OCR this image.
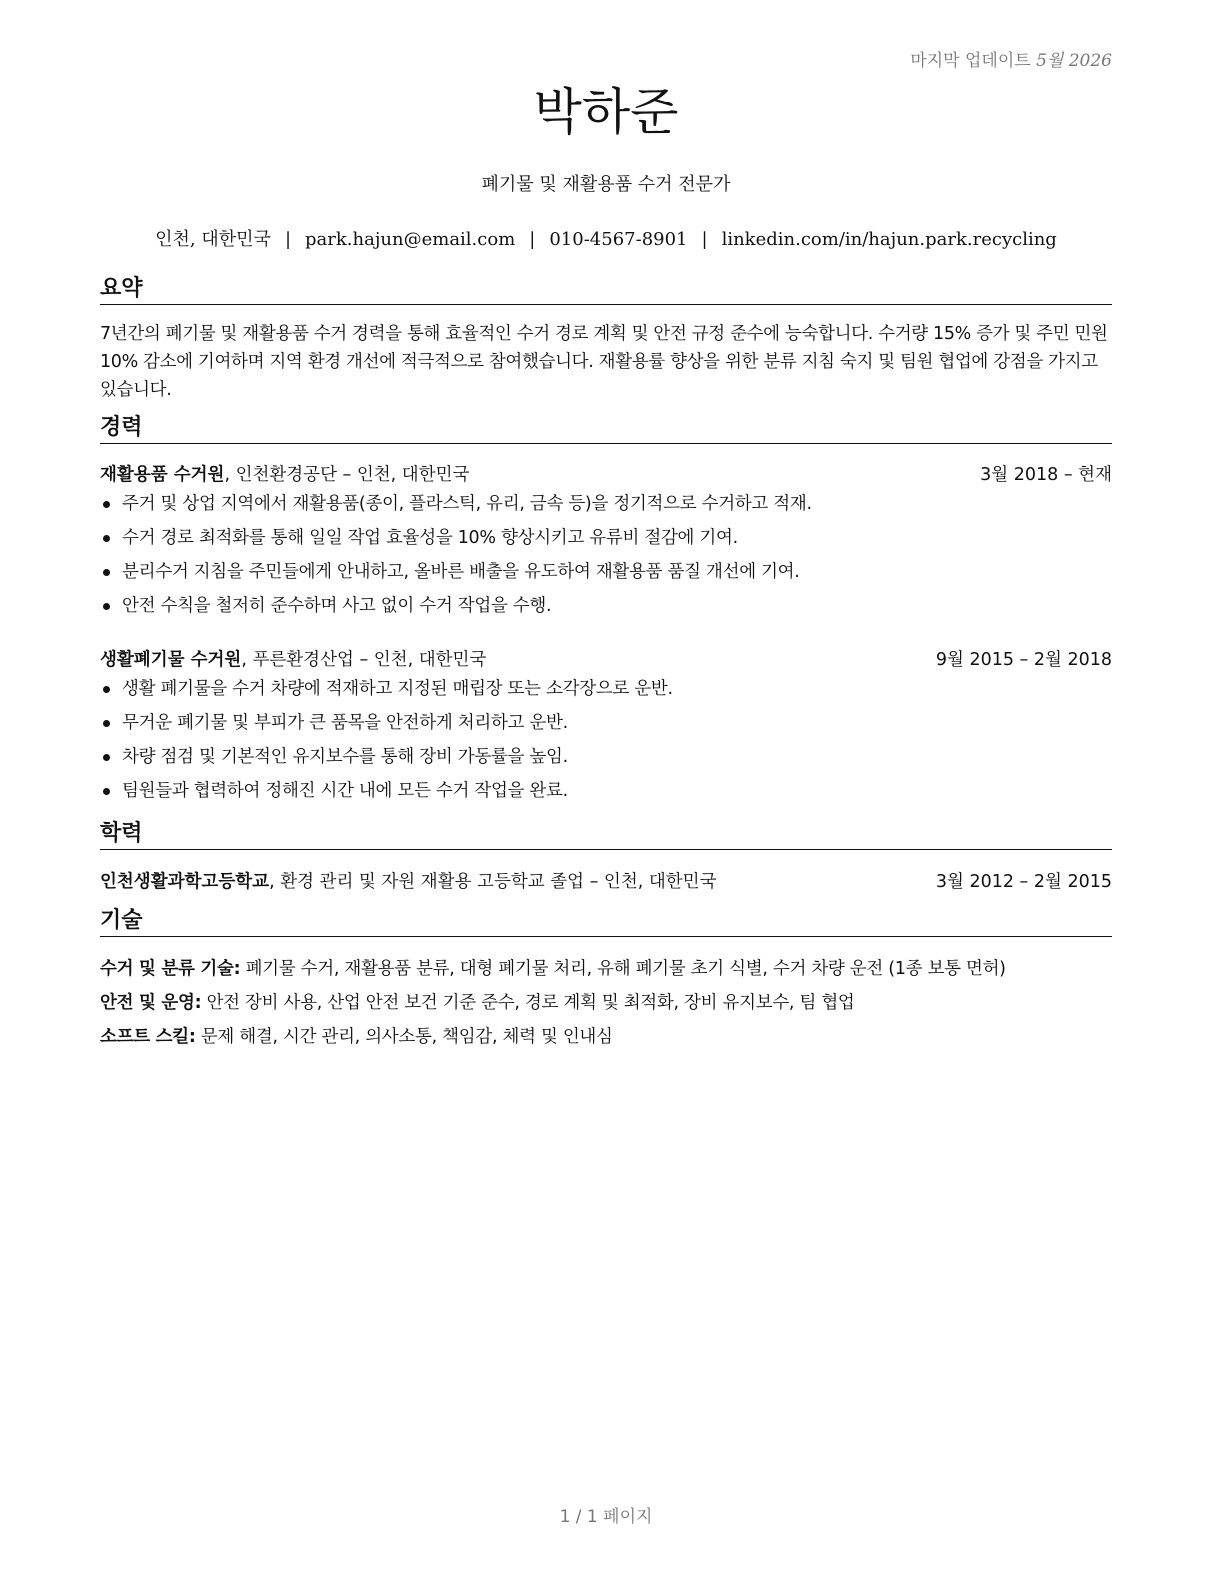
마지막 업데이트 5월 2026
박하준
폐기물 및 재활용품 수거 전문가
인천, 대한민국 | park.hajun@email.com | 010-4567-8901 | linkedin.com/in/hajun.park.recycling
요약
7년간의 폐기물 및 재활용품 수거 경력을 통해 효율적인 수거 경로 계획 및 안전 규정 준수에 능숙합니다. 수거량 15% 증가 및 주민 민원 10% 감소에 기여하며 지역 환경 개선에 적극적으로 참여했습니다. 재활용률 향상을 위한 분류 지침 숙지 및 팀원 협업에 강점을 가지고 있습니다.
경력
재활용품 수거원, 인천환경공단 – 인천, 대한민국	3월 2018 – 현재
주거 및 상업 지역에서 재활용품(종이, 플라스틱, 유리, 금속 등)을 정기적으로 수거하고 적재.
수거 경로 최적화를 통해 일일 작업 효율성을 10% 향상시키고 유류비 절감에 기여.
분리수거 지침을 주민들에게 안내하고, 올바른 배출을 유도하여 재활용품 품질 개선에 기여.
안전 수칙을 철저히 준수하며 사고 없이 수거 작업을 수행.
생활폐기물 수거원, 푸른환경산업 – 인천, 대한민국	9월 2015 – 2월 2018
생활 폐기물을 수거 차량에 적재하고 지정된 매립장 또는 소각장으로 운반.
무거운 폐기물 및 부피가 큰 품목을 안전하게 처리하고 운반.
차량 점검 및 기본적인 유지보수를 통해 장비 가동률을 높임.
팀원들과 협력하여 정해진 시간 내에 모든 수거 작업을 완료.
학력
인천생활과학고등학교, 환경 관리 및 자원 재활용 고등학교 졸업 – 인천, 대한민국	3월 2012 – 2월 2015
기술
수거 및 분류 기술: 폐기물 수거, 재활용품 분류, 대형 폐기물 처리, 유해 폐기물 초기 식별, 수거 차량 운전 (1종 보통 면허)
안전 및 운영: 안전 장비 사용, 산업 안전 보건 기준 준수, 경로 계획 및 최적화, 장비 유지보수, 팀 협업
소프트 스킬: 문제 해결, 시간 관리, 의사소통, 책임감, 체력 및 인내심
1 / 1 페이지
